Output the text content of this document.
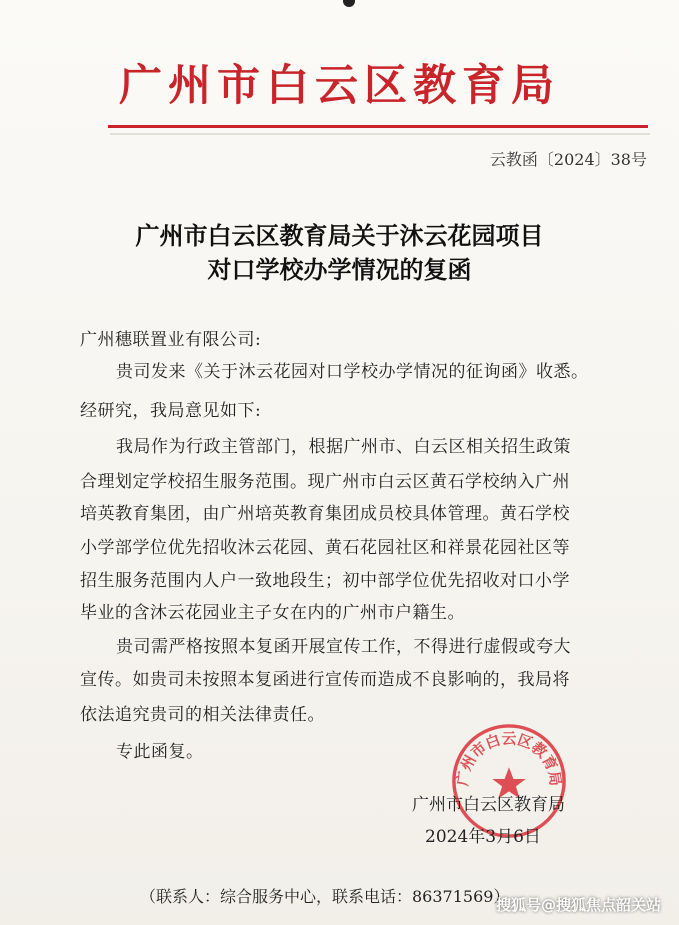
广州市白云区教育局
云教函〔2024〕38号
广州市白云区教育局关于沐云花园项目
对口学校办学情况的复函
广州穗联置业有限公司:
贵司发来《关于沐云花园对口学校办学情况的征询函》收悉。
经研究，我局意见如下:
我局作为行政主管部门，根据广州市、白云区相关招生政策
合理划定学校招生服务范围。现广州市白云区黄石学校纳入广州
培英教育集团，由广州培英教育集团成员校具体管理。黄石学校
小学部学位优先招收沐云花园、黄石花园社区和祥景花园社区等
招生服务范围内人户一致地段生；初中部学位优先招收对口小学
毕业的含沐云花园业主子女在内的广州市户籍生。
贵司需严格按照本复函开展宣传工作，不得进行虚假或夸大
宣传。如贵司未按照本复函进行宣传而造成不良影响的，我局将
依法追究贵司的相关法律责任。
专此函复。
广州市白云区教育局
广州市白云区教育局
2024年3月6日
（联系人：综合服务中心，联系电话：86371569）
搜狐号@搜狐焦点韶关站
